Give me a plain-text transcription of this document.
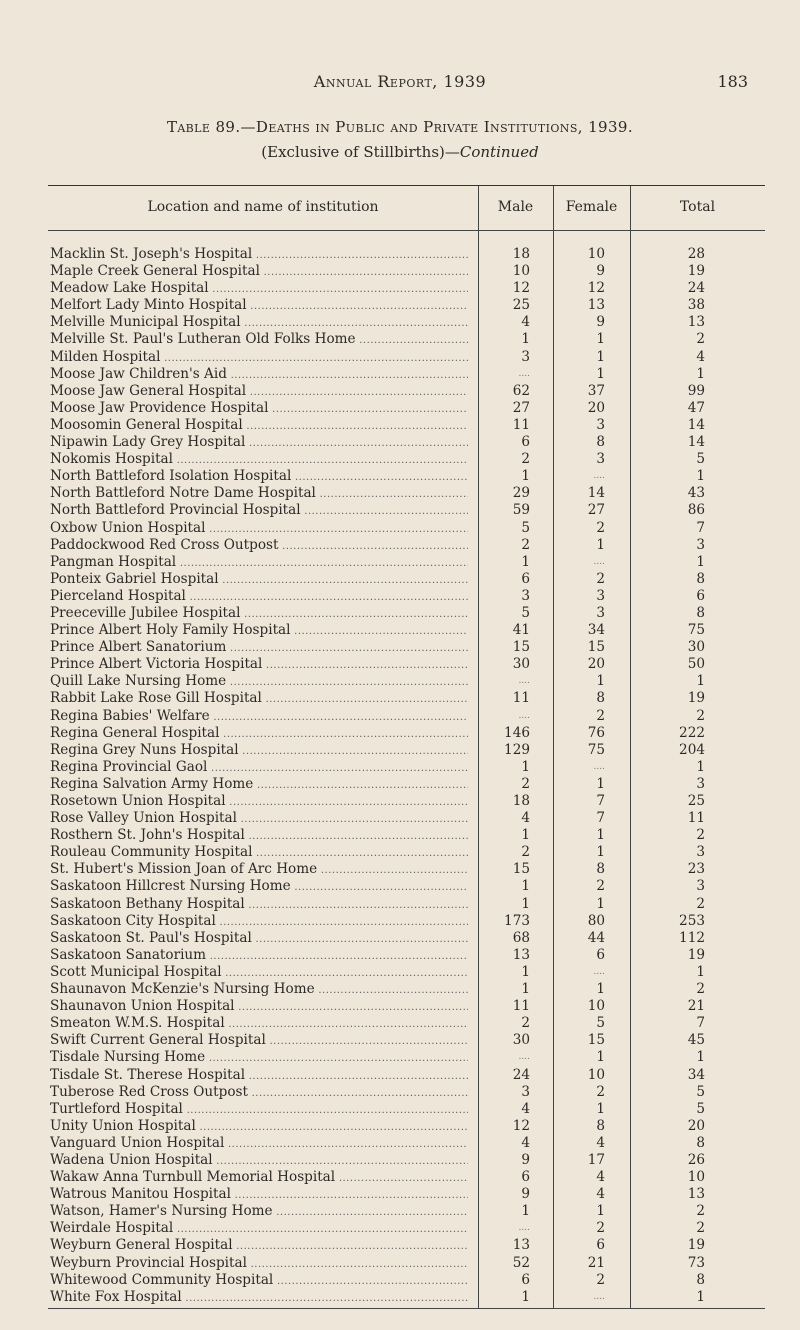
Annual Report, 1939	183
Table 89.—Deaths in Public and Private Institutions, 1939.
(Exclusive of Stillbirths)—Continued
Location and name of institution	Male	Female	Total
Macklin St. Joseph's Hospital .....	18	10	28
Maple Creek General Hospital .....	10	9	19
Meadow Lake Hospital .....	12	12	24
Melfort Lady Minto Hospital .....	25	13	38
Melville Municipal Hospital .....	4	9	13
Melville St. Paul's Lutheran Old Folks Home .....	1	1	2
Milden Hospital .....	3	1	4
Moose Jaw Children's Aid .....	....	1	1
Moose Jaw General Hospital .....	62	37	99
Moose Jaw Providence Hospital .....	27	20	47
Moosomin General Hospital .....	11	3	14
Nipawin Lady Grey Hospital .....	6	8	14
Nokomis Hospital .....	2	3	5
North Battleford Isolation Hospital .....	1	....	1
North Battleford Notre Dame Hospital .....	29	14	43
North Battleford Provincial Hospital .....	59	27	86
Oxbow Union Hospital .....	5	2	7
Paddockwood Red Cross Outpost .....	2	1	3
Pangman Hospital .....	1	....	1
Ponteix Gabriel Hospital .....	6	2	8
Pierceland Hospital .....	3	3	6
Preeceville Jubilee Hospital .....	5	3	8
Prince Albert Holy Family Hospital .....	41	34	75
Prince Albert Sanatorium .....	15	15	30
Prince Albert Victoria Hospital .....	30	20	50
Quill Lake Nursing Home .....	....	1	1
Rabbit Lake Rose Gill Hospital .....	11	8	19
Regina Babies' Welfare .....	....	2	2
Regina General Hospital .....	146	76	222
Regina Grey Nuns Hospital .....	129	75	204
Regina Provincial Gaol .....	1	....	1
Regina Salvation Army Home .....	2	1	3
Rosetown Union Hospital .....	18	7	25
Rose Valley Union Hospital .....	4	7	11
Rosthern St. John's Hospital .....	1	1	2
Rouleau Community Hospital .....	2	1	3
St. Hubert's Mission Joan of Arc Home .....	15	8	23
Saskatoon Hillcrest Nursing Home .....	1	2	3
Saskatoon Bethany Hospital .....	1	1	2
Saskatoon City Hospital .....	173	80	253
Saskatoon St. Paul's Hospital .....	68	44	112
Saskatoon Sanatorium .....	13	6	19
Scott Municipal Hospital .....	1	....	1
Shaunavon McKenzie's Nursing Home .....	1	1	2
Shaunavon Union Hospital .....	11	10	21
Smeaton W.M.S. Hospital .....	2	5	7
Swift Current General Hospital .....	30	15	45
Tisdale Nursing Home .....	....	1	1
Tisdale St. Therese Hospital .....	24	10	34
Tuberose Red Cross Outpost .....	3	2	5
Turtleford Hospital .....	4	1	5
Unity Union Hospital .....	12	8	20
Vanguard Union Hospital .....	4	4	8
Wadena Union Hospital .....	9	17	26
Wakaw Anna Turnbull Memorial Hospital .....	6	4	10
Watrous Manitou Hospital .....	9	4	13
Watson, Hamer's Nursing Home .....	1	1	2
Weirdale Hospital .....	....	2	2
Weyburn General Hospital .....	13	6	19
Weyburn Provincial Hospital .....	52	21	73
Whitewood Community Hospital .....	6	2	8
White Fox Hospital .....	1	....	1
